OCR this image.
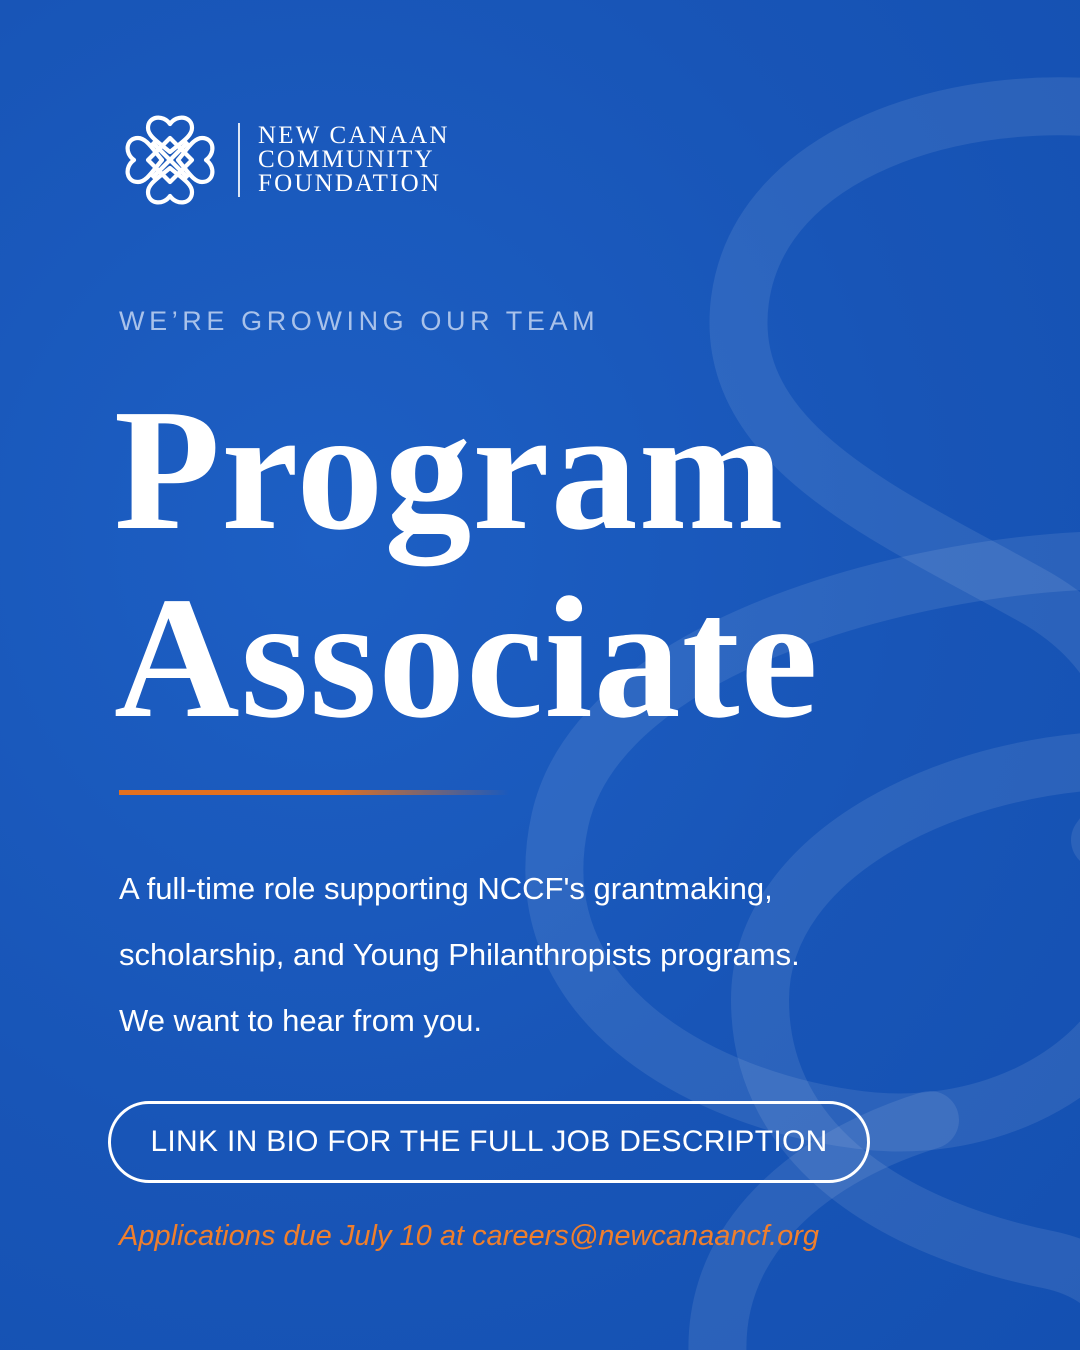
NEW CANAAN
COMMUNITY
FOUNDATION
WE’RE GROWING OUR TEAM
Program
Associate

A full-time role supporting NCCF's grantmaking,
scholarship, and Young Philanthropists programs.
We want to hear from you.

LINK IN BIO FOR THE FULL JOB DESCRIPTION
Applications due July 10 at careers@newcanaancf.org
